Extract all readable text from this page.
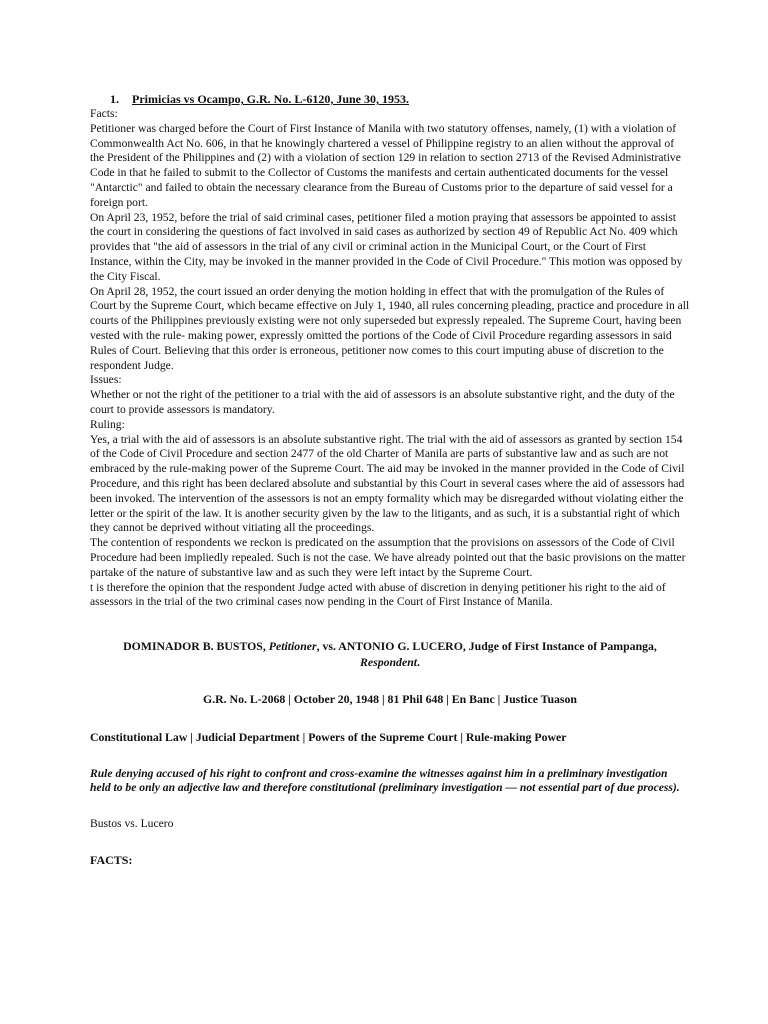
1. Primicias vs Ocampo, G.R. No. L-6120, June 30, 1953.

Facts:

Petitioner was charged before the Court of First Instance of Manila with two statutory offenses, namely, (1) with a violation of Commonwealth Act No. 606, in that he knowingly chartered a vessel of Philippine registry to an alien without the approval of the President of the Philippines and (2) with a violation of section 129 in relation to section 2713 of the Revised Administrative Code in that he failed to submit to the Collector of Customs the manifests and certain authenticated documents for the vessel "Antarctic" and failed to obtain the necessary clearance from the Bureau of Customs prior to the departure of said vessel for a foreign port.

On April 23, 1952, before the trial of said criminal cases, petitioner filed a motion praying that assessors be appointed to assist the court in considering the questions of fact involved in said cases as authorized by section 49 of Republic Act No. 409 which provides that "the aid of assessors in the trial of any civil or criminal action in the Municipal Court, or the Court of First Instance, within the City, may be invoked in the manner provided in the Code of Civil Procedure." This motion was opposed by the City Fiscal.

On April 28, 1952, the court issued an order denying the motion holding in effect that with the promulgation of the Rules of Court by the Supreme Court, which became effective on July 1, 1940, all rules concerning pleading, practice and procedure in all courts of the Philippines previously existing were not only superseded but expressly repealed. The Supreme Court, having been vested with the rule- making power, expressly omitted the portions of the Code of Civil Procedure regarding assessors in said Rules of Court. Believing that this order is erroneous, petitioner now comes to this court imputing abuse of discretion to the respondent Judge.

Issues:

Whether or not the right of the petitioner to a trial with the aid of assessors is an absolute substantive right, and the duty of the court to provide assessors is mandatory.

Ruling:

Yes, a trial with the aid of assessors is an absolute substantive right. The trial with the aid of assessors as granted by section 154 of the Code of Civil Procedure and section 2477 of the old Charter of Manila are parts of substantive law and as such are not embraced by the rule-making power of the Supreme Court. The aid may be invoked in the manner provided in the Code of Civil Procedure, and this right has been declared absolute and substantial by this Court in several cases where the aid of assessors had been invoked. The intervention of the assessors is not an empty formality which may be disregarded without violating either the letter or the spirit of the law. It is another security given by the law to the litigants, and as such, it is a substantial right of which they cannot be deprived without vitiating all the proceedings.

The contention of respondents we reckon is predicated on the assumption that the provisions on assessors of the Code of Civil Procedure had been impliedly repealed. Such is not the case. We have already pointed out that the basic provisions on the matter partake of the nature of substantive law and as such they were left intact by the Supreme Court.

t is therefore the opinion that the respondent Judge acted with abuse of discretion in denying petitioner his right to the aid of assessors in the trial of the two criminal cases now pending in the Court of First Instance of Manila.

DOMINADOR B. BUSTOS, Petitioner, vs. ANTONIO G. LUCERO, Judge of First Instance of Pampanga, Respondent.

G.R. No. L-2068 | October 20, 1948 | 81 Phil 648 | En Banc | Justice Tuason

Constitutional Law | Judicial Department | Powers of the Supreme Court | Rule-making Power

Rule denying accused of his right to confront and cross-examine the witnesses against him in a preliminary investigation held to be only an adjective law and therefore constitutional (preliminary investigation — not essential part of due process).

Bustos vs. Lucero

FACTS:
